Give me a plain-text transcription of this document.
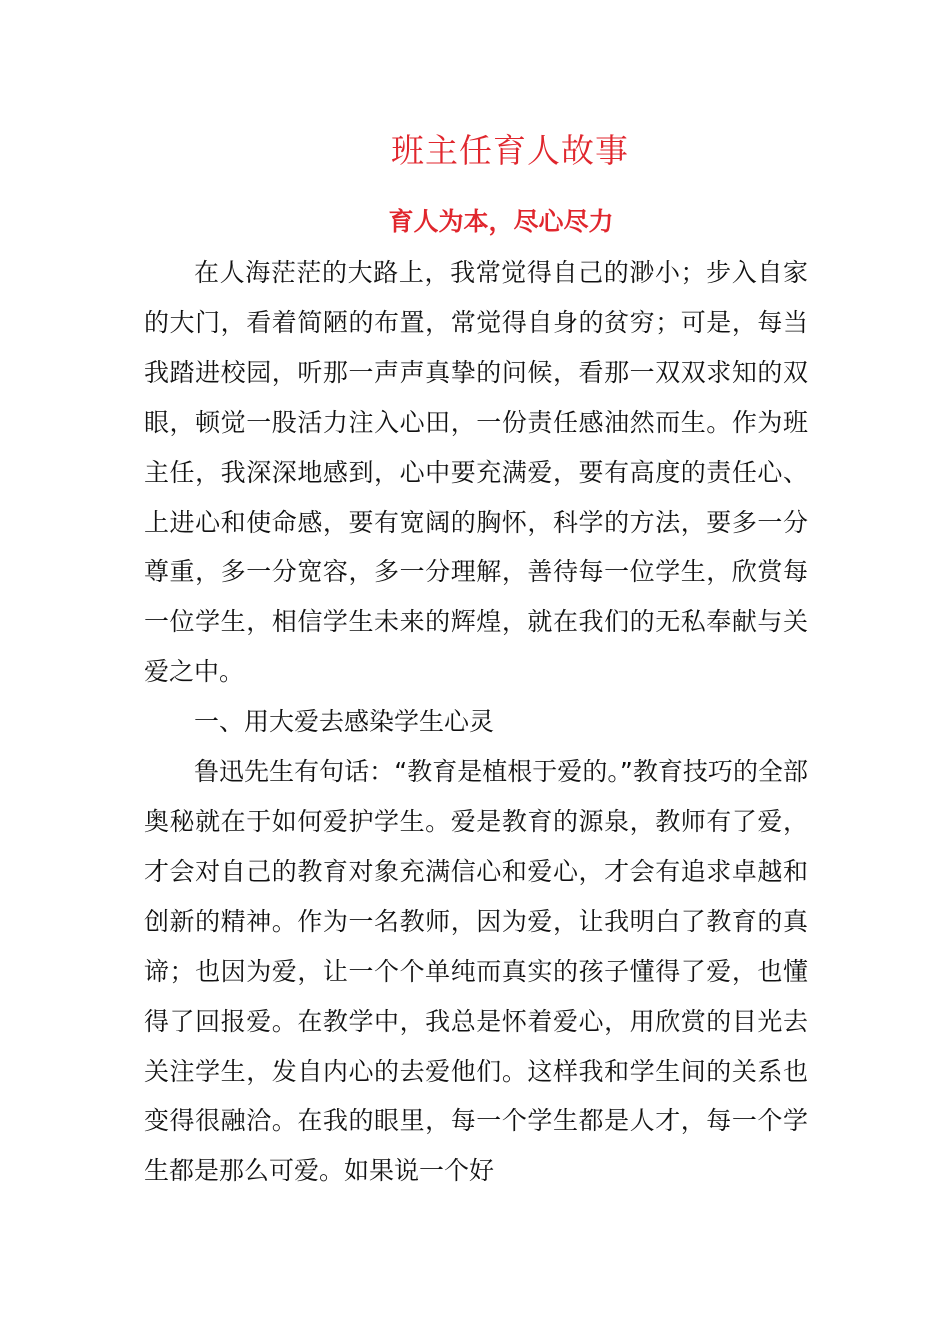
班主任育人故事
育人为本，尽心尽力

在人海茫茫的大路上，我常觉得自己的渺小；步入自家的大门，看着简陋的布置，常觉得自身的贫穷；可是，每当我踏进校园，听那一声声真挚的问候，看那一双双求知的双眼，顿觉一股活力注入心田，一份责任感油然而生。作为班主任，我深深地感到，心中要充满爱，要有高度的责任心、上进心和使命感，要有宽阔的胸怀，科学的方法，要多一分尊重，多一分宽容，多一分理解，善待每一位学生，欣赏每一位学生，相信学生未来的辉煌，就在我们的无私奉献与关爱之中。

一、用大爱去感染学生心灵

鲁迅先生有句话：“教育是植根于爱的。”教育技巧的全部奥秘就在于如何爱护学生。爱是教育的源泉，教师有了爱，才会对自己的教育对象充满信心和爱心，才会有追求卓越和创新的精神。作为一名教师，因为爱，让我明白了教育的真谛；也因为爱，让一个个单纯而真实的孩子懂得了爱，也懂得了回报爱。在教学中，我总是怀着爱心，用欣赏的目光去关注学生，发自内心的去爱他们。这样我和学生间的关系也变得很融洽。在我的眼里，每一个学生都是人才，每一个学生都是那么可爱。如果说一个好
